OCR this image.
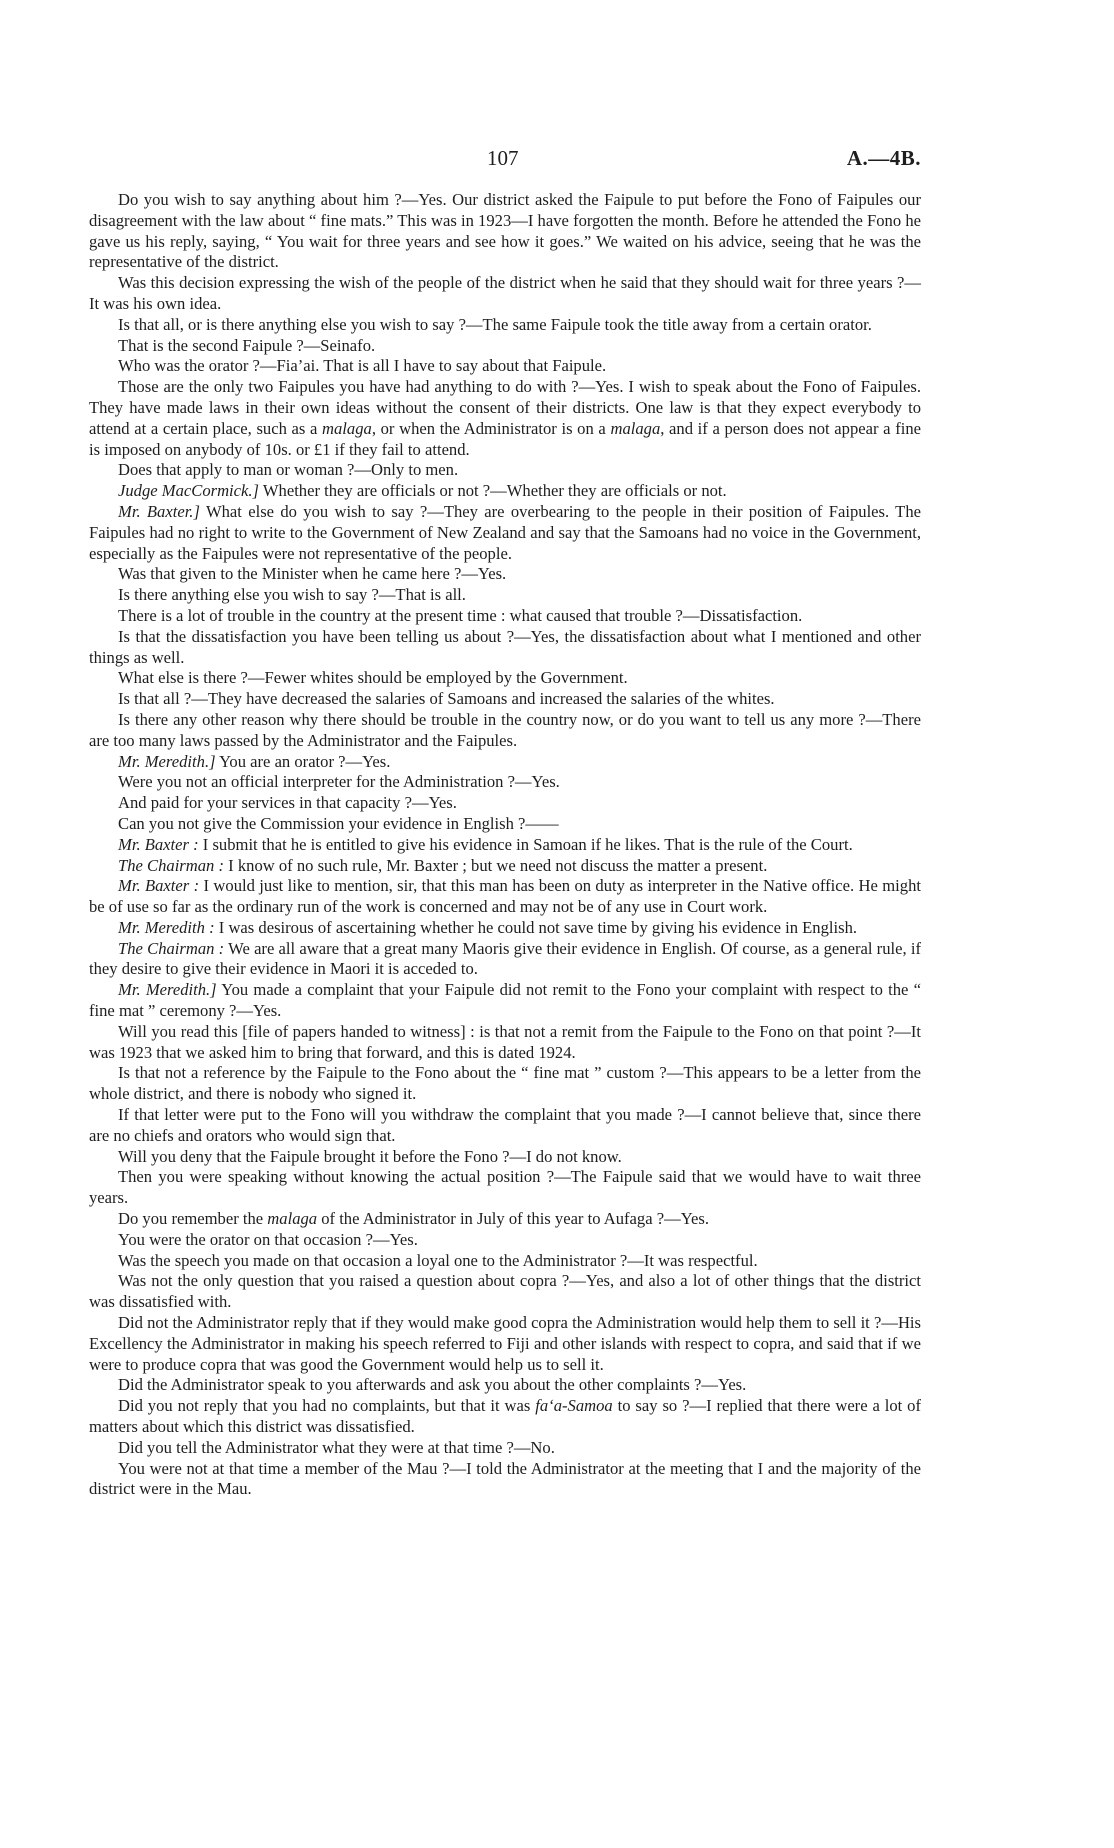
107	A.—4B.

Do you wish to say anything about him ?—Yes. Our district asked the Faipule to put before the Fono of Faipules our disagreement with the law about “ fine mats.” This was in 1923—I have forgotten the month. Before he attended the Fono he gave us his reply, saying, “ You wait for three years and see how it goes.” We waited on his advice, seeing that he was the representative of the district.

Was this decision expressing the wish of the people of the district when he said that they should wait for three years ?—It was his own idea.

Is that all, or is there anything else you wish to say ?—The same Faipule took the title away from a certain orator.

That is the second Faipule ?—Seinafo.

Who was the orator ?—Fia’ai. That is all I have to say about that Faipule.

Those are the only two Faipules you have had anything to do with ?—Yes. I wish to speak about the Fono of Faipules. They have made laws in their own ideas without the consent of their districts. One law is that they expect everybody to attend at a certain place, such as a malaga, or when the Administrator is on a malaga, and if a person does not appear a fine is imposed on anybody of 10s. or £1 if they fail to attend.

Does that apply to man or woman ?—Only to men.

Judge MacCormick.] Whether they are officials or not ?—Whether they are officials or not.

Mr. Baxter.] What else do you wish to say ?—They are overbearing to the people in their position of Faipules. The Faipules had no right to write to the Government of New Zealand and say that the Samoans had no voice in the Government, especially as the Faipules were not representative of the people.

Was that given to the Minister when he came here ?—Yes.

Is there anything else you wish to say ?—That is all.

There is a lot of trouble in the country at the present time : what caused that trouble ?—Dissatisfaction.

Is that the dissatisfaction you have been telling us about ?—Yes, the dissatisfaction about what I mentioned and other things as well.

What else is there ?—Fewer whites should be employed by the Government.

Is that all ?—They have decreased the salaries of Samoans and increased the salaries of the whites.

Is there any other reason why there should be trouble in the country now, or do you want to tell us any more ?—There are too many laws passed by the Administrator and the Faipules.

Mr. Meredith.] You are an orator ?—Yes.

Were you not an official interpreter for the Administration ?—Yes.

And paid for your services in that capacity ?—Yes.

Can you not give the Commission your evidence in English ?——

Mr. Baxter : I submit that he is entitled to give his evidence in Samoan if he likes. That is the rule of the Court.

The Chairman : I know of no such rule, Mr. Baxter ; but we need not discuss the matter a present.

Mr. Baxter : I would just like to mention, sir, that this man has been on duty as interpreter in the Native office. He might be of use so far as the ordinary run of the work is concerned and may not be of any use in Court work.

Mr. Meredith : I was desirous of ascertaining whether he could not save time by giving his evidence in English.

The Chairman : We are all aware that a great many Maoris give their evidence in English. Of course, as a general rule, if they desire to give their evidence in Maori it is acceded to.

Mr. Meredith.] You made a complaint that your Faipule did not remit to the Fono your complaint with respect to the “ fine mat ” ceremony ?—Yes.

Will you read this [file of papers handed to witness] : is that not a remit from the Faipule to the Fono on that point ?—It was 1923 that we asked him to bring that forward, and this is dated 1924.

Is that not a reference by the Faipule to the Fono about the “ fine mat ” custom ?—This appears to be a letter from the whole district, and there is nobody who signed it.

If that letter were put to the Fono will you withdraw the complaint that you made ?—I cannot believe that, since there are no chiefs and orators who would sign that.

Will you deny that the Faipule brought it before the Fono ?—I do not know.

Then you were speaking without knowing the actual position ?—The Faipule said that we would have to wait three years.

Do you remember the malaga of the Administrator in July of this year to Aufaga ?—Yes.

You were the orator on that occasion ?—Yes.

Was the speech you made on that occasion a loyal one to the Administrator ?—It was respectful.

Was not the only question that you raised a question about copra ?—Yes, and also a lot of other things that the district was dissatisfied with.

Did not the Administrator reply that if they would make good copra the Administration would help them to sell it ?—His Excellency the Administrator in making his speech referred to Fiji and other islands with respect to copra, and said that if we were to produce copra that was good the Government would help us to sell it.

Did the Administrator speak to you afterwards and ask you about the other complaints ?—Yes.

Did you not reply that you had no complaints, but that it was fa‘a-Samoa to say so ?—I replied that there were a lot of matters about which this district was dissatisfied.

Did you tell the Administrator what they were at that time ?—No.

You were not at that time a member of the Mau ?—I told the Administrator at the meeting that I and the majority of the district were in the Mau.
